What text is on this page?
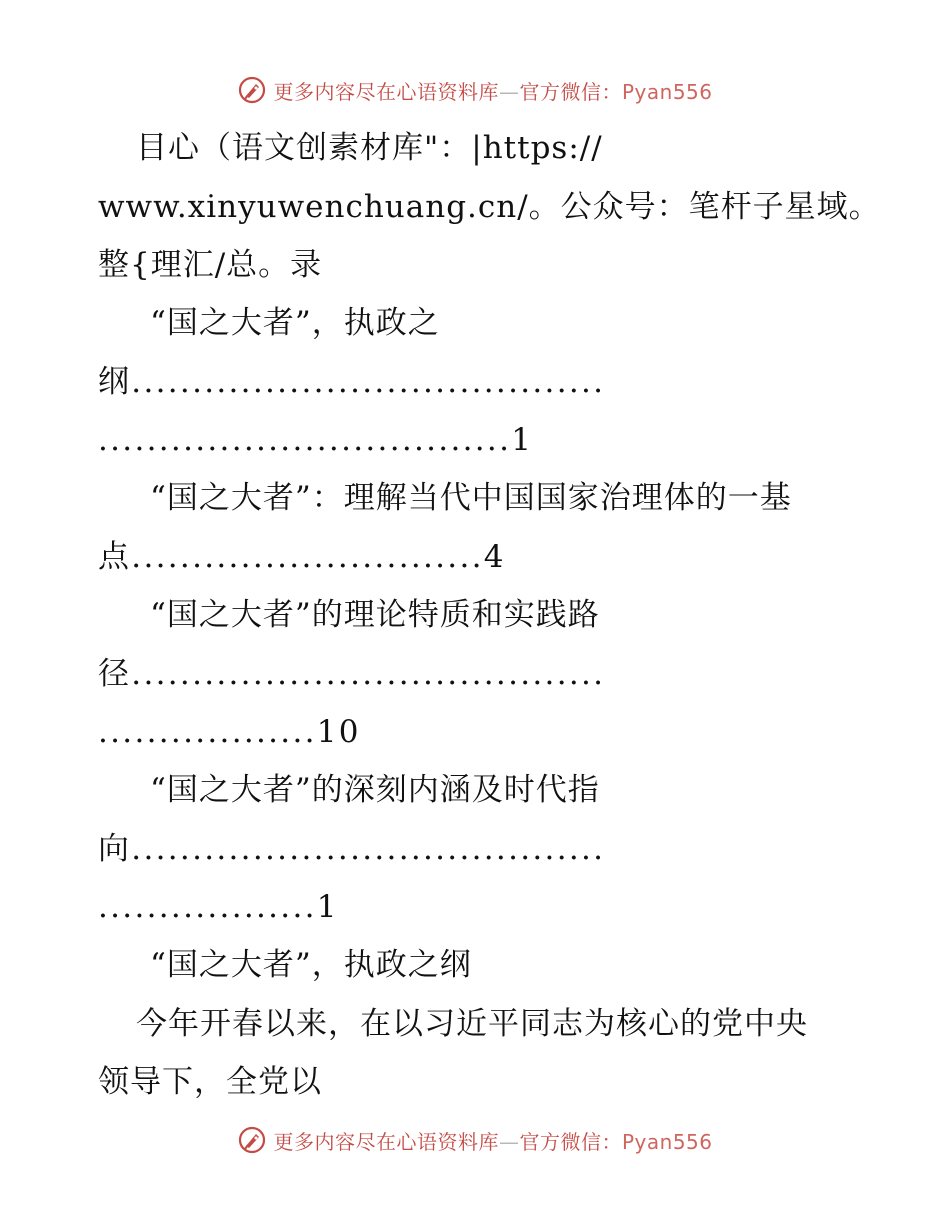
更多内容尽在心语资料库—官方微信：Pyan556
目心（语文创素材库"：|https://
www.xinyuwenchuang.cn/。公众号：笔杆子星域。
整{理汇/总。录
“国之大者”，执政之
纲.......................................
..................................1
“国之大者”：理解当代中国国家治理体的一基
点.............................4
“国之大者”的理论特质和实践路
径.......................................
..................10
“国之大者”的深刻内涵及时代指
向.......................................
..................1
“国之大者”，执政之纲
今年开春以来，在以习近平同志为核心的党中央
领导下，全党以
更多内容尽在心语资料库—官方微信：Pyan556
